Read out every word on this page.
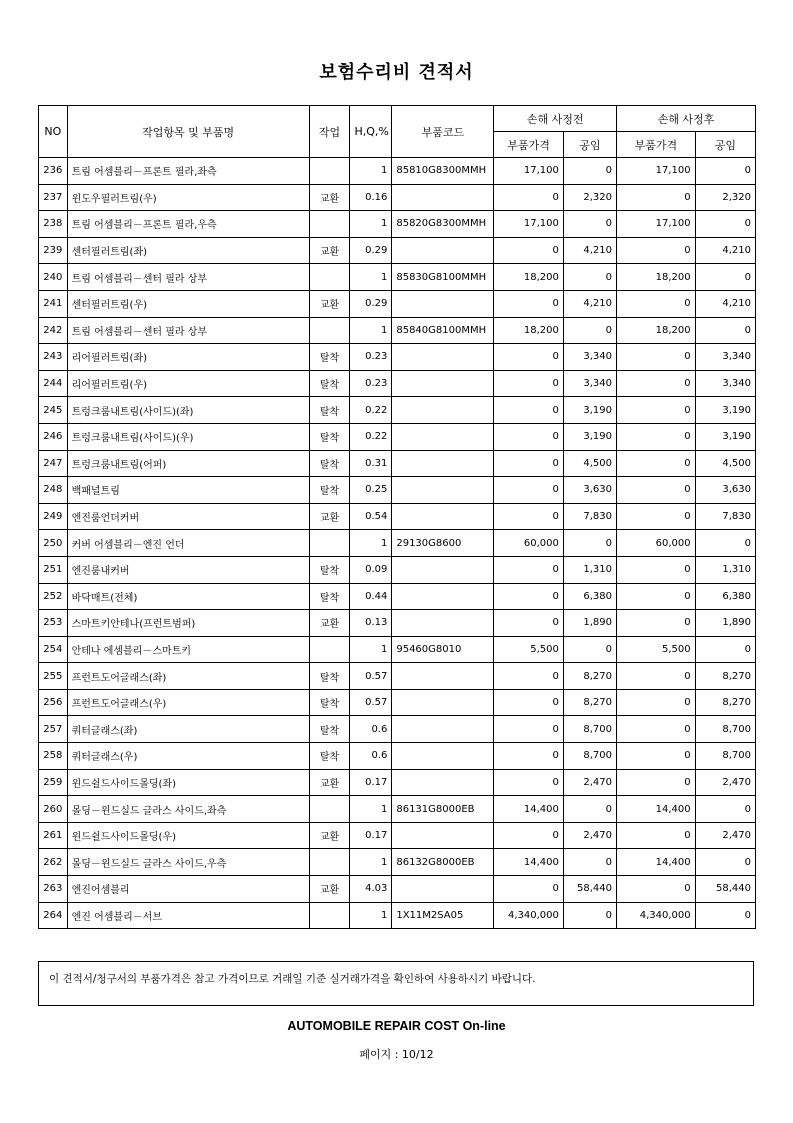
보험수리비 견적서
NO	작업항목 및 부품명	작업	H,Q,%	부품코드	손해 사정전		손해 사정후	
					부품가격	공임	부품가격	공임
236	트림 어셈블리－프론트 필라,좌측		1	85810G8300MMH	17,100	0	17,100	0
237	윈도우필러트림(우)	교환	0.16		0	2,320	0	2,320
238	트림 어셈블리－프론트 필라,우측		1	85820G8300MMH	17,100	0	17,100	0
239	센터필러트림(좌)	교환	0.29		0	4,210	0	4,210
240	트림 어셈블리－센터 필라 상부		1	85830G8100MMH	18,200	0	18,200	0
241	센터필러트림(우)	교환	0.29		0	4,210	0	4,210
242	트림 어셈블리－센터 필라 상부		1	85840G8100MMH	18,200	0	18,200	0
243	리어필러트림(좌)	탈착	0.23		0	3,340	0	3,340
244	리어필러트림(우)	탈착	0.23		0	3,340	0	3,340
245	트렁크룸내트림(사이드)(좌)	탈착	0.22		0	3,190	0	3,190
246	트렁크룸내트림(사이드)(우)	탈착	0.22		0	3,190	0	3,190
247	트렁크룸내트림(어퍼)	탈착	0.31		0	4,500	0	4,500
248	백패널트림	탈착	0.25		0	3,630	0	3,630
249	엔진룸언더커버	교환	0.54		0	7,830	0	7,830
250	커버 어셈블리－엔진 언더		1	29130G8600	60,000	0	60,000	0
251	엔진룸내커버	탈착	0.09		0	1,310	0	1,310
252	바닥매트(전체)	탈착	0.44		0	6,380	0	6,380
253	스마트키안테나(프런트범퍼)	교환	0.13		0	1,890	0	1,890
254	안테나 에셈블리－스마트키		1	95460G8010	5,500	0	5,500	0
255	프런트도어글래스(좌)	탈착	0.57		0	8,270	0	8,270
256	프런트도어글래스(우)	탈착	0.57		0	8,270	0	8,270
257	쿼터글래스(좌)	탈착	0.6		0	8,700	0	8,700
258	쿼터글래스(우)	탈착	0.6		0	8,700	0	8,700
259	윈드쉴드사이드몰딩(좌)	교환	0.17		0	2,470	0	2,470
260	몰딩－윈드실드 글라스 사이드,좌측		1	86131G8000EB	14,400	0	14,400	0
261	윈드쉴드사이드몰딩(우)	교환	0.17		0	2,470	0	2,470
262	몰딩－윈드실드 글라스 사이드,우측		1	86132G8000EB	14,400	0	14,400	0
263	엔진어셈블리	교환	4.03		0	58,440	0	58,440
264	엔진 어셈블리－서브		1	1X11M2SA05	4,340,000	0	4,340,000	0
이 견적서/청구서의 부품가격은 참고 가격이므로 거래일 기준 실거래가격을 확인하여 사용하시기 바랍니다.
AUTOMOBILE REPAIR COST On-line
페이지 : 10/12
